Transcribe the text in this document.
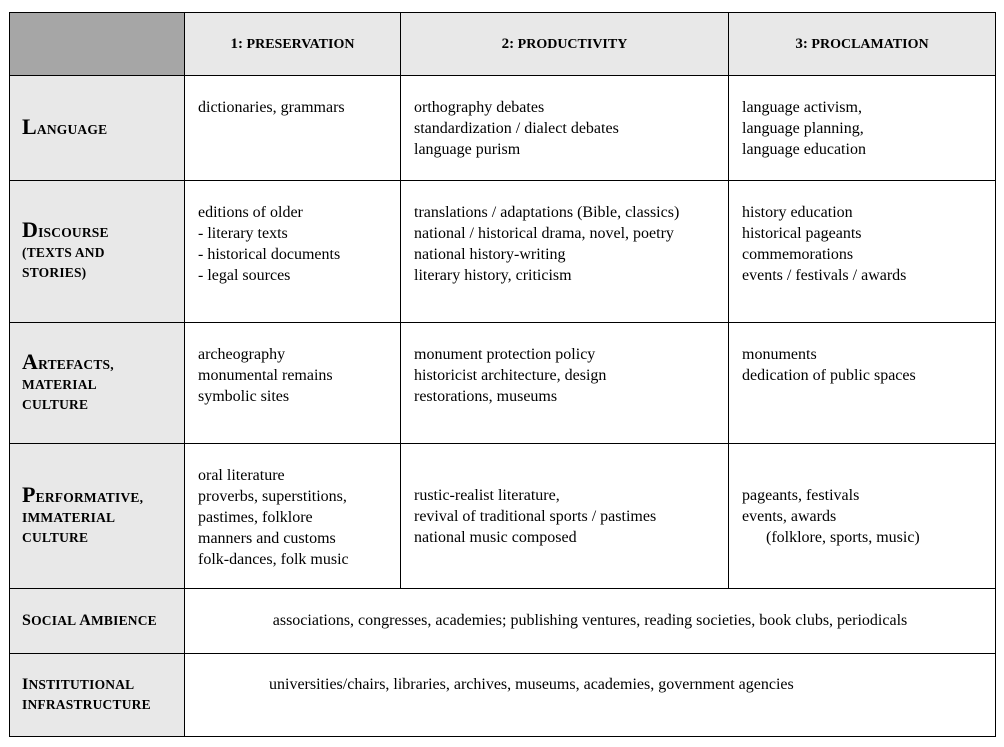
	1: PRESERVATION	2: PRODUCTIVITY	3: PROCLAMATION

LANGUAGE	dictionaries, grammars	orthography debates
standardization / dialect debates
language purism	language activism,
language planning,
language education

DISCOURSE
(TEXTS AND
STORIES)	editions of older
- literary texts
- historical documents
- legal sources	translations / adaptations (Bible, classics)
national / historical drama, novel, poetry
national history-writing
literary history, criticism	history education
historical pageants
commemorations
events / festivals / awards

ARTEFACTS,
MATERIAL
CULTURE	archeography
monumental remains
symbolic sites	monument protection policy
historicist architecture, design
restorations, museums	monuments
dedication of public spaces

PERFORMATIVE,
IMMATERIAL
CULTURE	oral literature
proverbs, superstitions,
pastimes, folklore
manners and customs
folk-dances, folk music	rustic-realist literature,
revival of traditional sports / pastimes
national music composed	pageants, festivals
events, awards
(folklore, sports, music)

SOCIAL AMBIENCE	associations, congresses, academies; publishing ventures, reading societies, book clubs, periodicals		

INSTITUTIONAL
INFRASTRUCTURE	universities/chairs, libraries, archives, museums, academies, government agencies		
